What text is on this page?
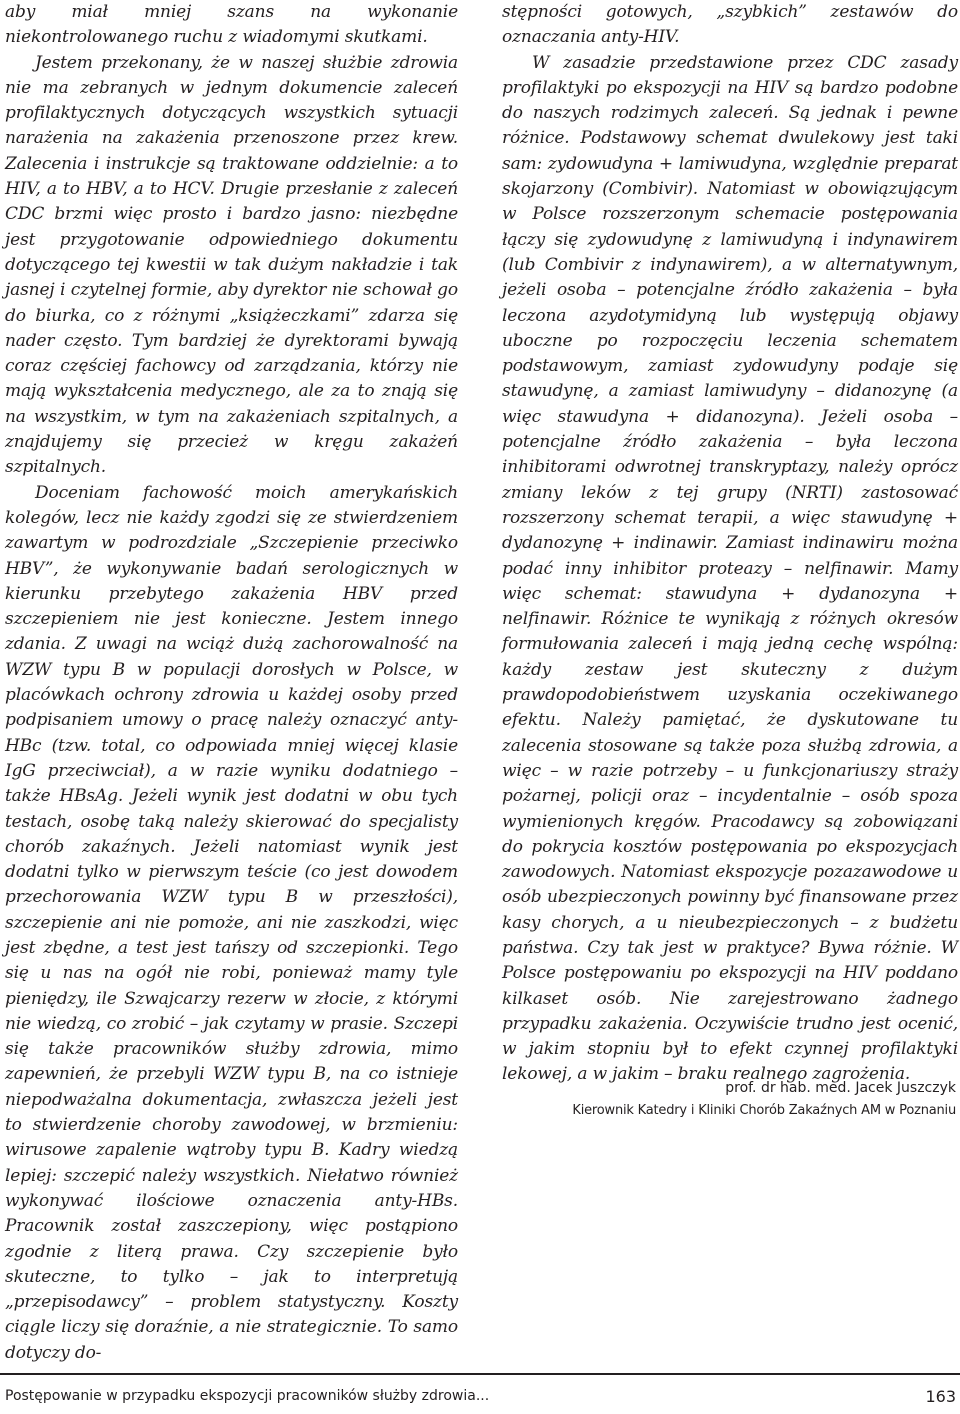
aby miał mniej szans na wykonanie niekontrolowanego ruchu z wiadomymi skutkami.

Jestem przekonany, że w naszej służbie zdrowia nie ma zebranych w jednym dokumencie zaleceń profilaktycznych dotyczących wszystkich sytuacji narażenia na zakażenia przenoszone przez krew. Zalecenia i instrukcje są traktowane oddzielnie: a to HIV, a to HBV, a to HCV. Drugie przesłanie z zaleceń CDC brzmi więc prosto i bardzo jasno: niezbędne jest przygotowanie odpowiedniego dokumentu dotyczącego tej kwestii w tak dużym nakładzie i tak jasnej i czytelnej formie, aby dyrektor nie schował go do biurka, co z różnymi „książeczkami” zdarza się nader często. Tym bardziej że dyrektorami bywają coraz częściej fachowcy od zarządzania, którzy nie mają wykształcenia medycznego, ale za to znają się na wszystkim, w tym na zakażeniach szpitalnych, a znajdujemy się przecież w kręgu zakażeń szpitalnych.

Doceniam fachowość moich amerykańskich kolegów, lecz nie każdy zgodzi się ze stwierdzeniem zawartym w podrozdziale „Szczepienie przeciwko HBV”, że wykonywanie badań serologicznych w kierunku przebytego zakażenia HBV przed szczepieniem nie jest konieczne. Jestem innego zdania. Z uwagi na wciąż dużą zachorowalność na WZW typu B w populacji dorosłych w Polsce, w placówkach ochrony zdrowia u każdej osoby przed podpisaniem umowy o pracę należy oznaczyć anty-HBc (tzw. total, co odpowiada mniej więcej klasie IgG przeciwciał), a w razie wyniku dodatniego – także HBsAg. Jeżeli wynik jest dodatni w obu tych testach, osobę taką należy skierować do specjalisty chorób zakaźnych. Jeżeli natomiast wynik jest dodatni tylko w pierwszym teście (co jest dowodem przechorowania WZW typu B w przeszłości), szczepienie ani nie pomoże, ani nie zaszkodzi, więc jest zbędne, a test jest tańszy od szczepionki. Tego się u nas na ogół nie robi, ponieważ mamy tyle pieniędzy, ile Szwajcarzy rezerw w złocie, z którymi nie wiedzą, co zrobić – jak czytamy w prasie. Szczepi się także pracowników służby zdrowia, mimo zapewnień, że przebyli WZW typu B, na co istnieje niepodważalna dokumentacja, zwłaszcza jeżeli jest to stwierdzenie choroby zawodowej, w brzmieniu: wirusowe zapalenie wątroby typu B. Kadry wiedzą lepiej: szczepić należy wszystkich. Niełatwo również wykonywać ilościowe oznaczenia anty-HBs. Pracownik został zaszczepiony, więc postąpiono zgodnie z literą prawa. Czy szczepienie było skuteczne, to tylko – jak to interpretują „przepisodawcy” – problem statystyczny. Koszty ciągle liczy się doraźnie, a nie strategicznie. To samo dotyczy do-

stępności gotowych, „szybkich” zestawów do oznaczania anty-HIV.

W zasadzie przedstawione przez CDC zasady profilaktyki po ekspozycji na HIV są bardzo podobne do naszych rodzimych zaleceń. Są jednak i pewne różnice. Podstawowy schemat dwulekowy jest taki sam: zydowudyna + lamiwudyna, względnie preparat skojarzony (Combivir). Natomiast w obowiązującym w Polsce rozszerzonym schemacie postępowania łączy się zydowudynę z lamiwudyną i indynawirem (lub Combivir z indynawirem), a w alternatywnym, jeżeli osoba – potencjalne źródło zakażenia – była leczona azydotymidyną lub występują objawy uboczne po rozpoczęciu leczenia schematem podstawowym, zamiast zydowudyny podaje się stawudynę, a zamiast lamiwudyny – didanozynę (a więc stawudyna + didanozyna). Jeżeli osoba – potencjalne źródło zakażenia – była leczona inhibitorami odwrotnej transkryptazy, należy oprócz zmiany leków z tej grupy (NRTI) zastosować rozszerzony schemat terapii, a więc stawudynę + dydanozynę + indinawir. Zamiast indinawiru można podać inny inhibitor proteazy – nelfinawir. Mamy więc schemat: stawudyna + dydanozyna + nelfinawir. Różnice te wynikają z różnych okresów formułowania zaleceń i mają jedną cechę wspólną: każdy zestaw jest skuteczny z dużym prawdopodobieństwem uzyskania oczekiwanego efektu. Należy pamiętać, że dyskutowane tu zalecenia stosowane są także poza służbą zdrowia, a więc – w razie potrzeby – u funkcjonariuszy straży pożarnej, policji oraz – incydentalnie – osób spoza wymienionych kręgów. Pracodawcy są zobowiązani do pokrycia kosztów postępowania po ekspozycjach zawodowych. Natomiast ekspozycje pozazawodowe u osób ubezpieczonych powinny być finansowane przez kasy chorych, a u nieubezpieczonych – z budżetu państwa. Czy tak jest w praktyce? Bywa różnie. W Polsce postępowaniu po ekspozycji na HIV poddano kilkaset osób. Nie zarejestrowano żadnego przypadku zakażenia. Oczywiście trudno jest ocenić, w jakim stopniu był to efekt czynnej profilaktyki lekowej, a w jakim – braku realnego zagrożenia.

prof. dr hab. med. Jacek Juszczyk
Kierownik Katedry i Kliniki Chorób Zakaźnych AM w Poznaniu
Postępowanie w przypadku ekspozycji pracowników służby zdrowia...	163
